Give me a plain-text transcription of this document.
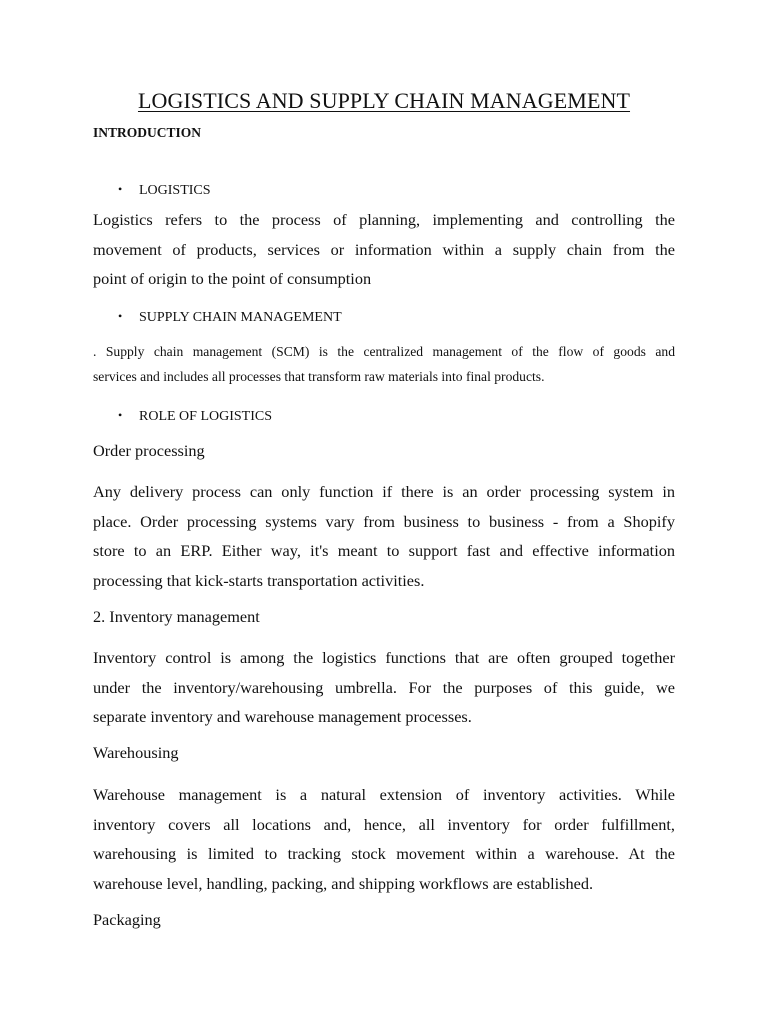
LOGISTICS AND SUPPLY CHAIN MANAGEMENT
INTRODUCTION
• LOGISTICS
Logistics refers to the process of planning, implementing and controlling the
movement of products, services or information within a supply chain from the
point of origin to the point of consumption
• SUPPLY CHAIN MANAGEMENT
. Supply chain management (SCM) is the centralized management of the flow of goods and
services and includes all processes that transform raw materials into final products.
• ROLE OF LOGISTICS
Order processing
Any delivery process can only function if there is an order processing system in
place. Order processing systems vary from business to business - from a Shopify
store to an ERP. Either way, it's meant to support fast and effective information
processing that kick-starts transportation activities.
2. Inventory management
Inventory control is among the logistics functions that are often grouped together
under the inventory/warehousing umbrella. For the purposes of this guide, we
separate inventory and warehouse management processes.
Warehousing
Warehouse management is a natural extension of inventory activities. While
inventory covers all locations and, hence, all inventory for order fulfillment,
warehousing is limited to tracking stock movement within a warehouse. At the
warehouse level, handling, packing, and shipping workflows are established.
Packaging
